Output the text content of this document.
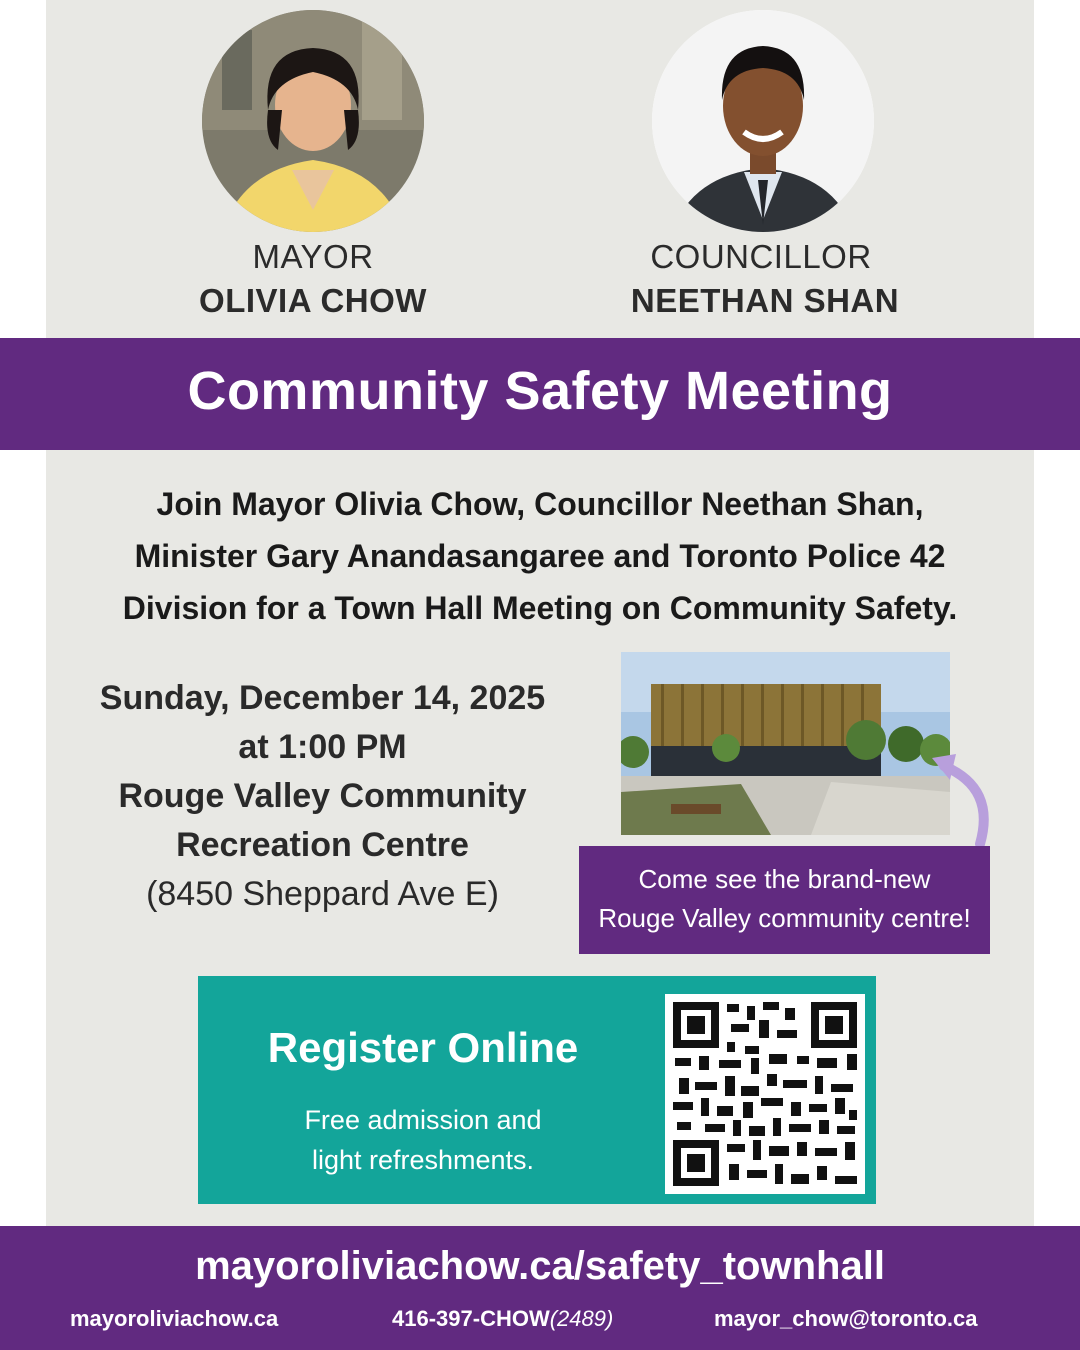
MAYOR
OLIVIA CHOW
COUNCILLOR
NEETHAN SHAN
Community Safety Meeting
Join Mayor Olivia Chow, Councillor Neethan Shan,
Minister Gary Anandasangaree and Toronto Police 42
Division for a Town Hall Meeting on Community Safety.
Sunday, December 14, 2025
at 1:00 PM
Rouge Valley Community
Recreation Centre
(8450 Sheppard Ave E)	Come see the brand-new
Rouge Valley community centre!
Register Online
Free admission and
light refreshments.
mayoroliviachow.ca/safety_townhall
mayoroliviachow.ca	416-397-CHOW(2489)	mayor_chow@toronto.ca
